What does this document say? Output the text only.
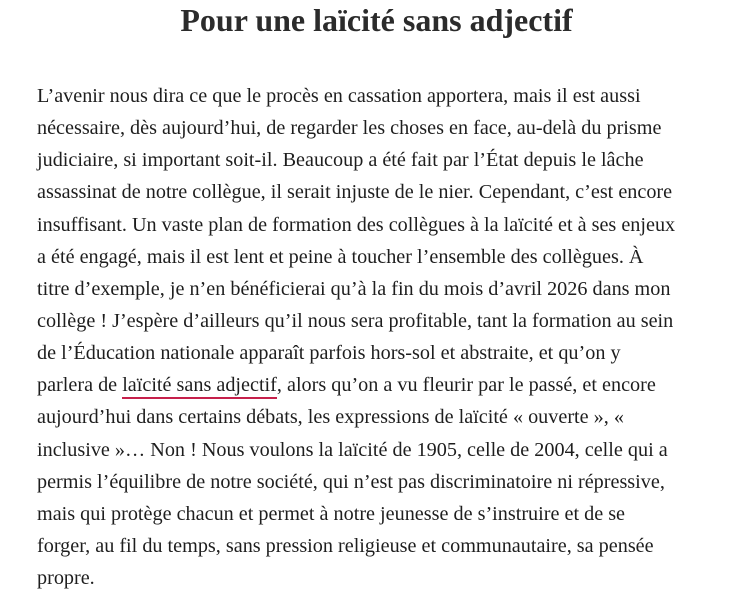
Pour une laïcité sans adjectif

L’avenir nous dira ce que le procès en cassation apportera, mais il est aussi
nécessaire, dès aujourd’hui, de regarder les choses en face, au-delà du prisme
judiciaire, si important soit-il. Beaucoup a été fait par l’État depuis le lâche
assassinat de notre collègue, il serait injuste de le nier. Cependant, c’est encore
insuffisant. Un vaste plan de formation des collègues à la laïcité et à ses enjeux
a été engagé, mais il est lent et peine à toucher l’ensemble des collègues. À
titre d’exemple, je n’en bénéficierai qu’à la fin du mois d’avril 2026 dans mon
collège ! J’espère d’ailleurs qu’il nous sera profitable, tant la formation au sein
de l’Éducation nationale apparaît parfois hors-sol et abstraite, et qu’on y
parlera de laïcité sans adjectif, alors qu’on a vu fleurir par le passé, et encore
aujourd’hui dans certains débats, les expressions de laïcité « ouverte », «
inclusive »… Non ! Nous voulons la laïcité de 1905, celle de 2004, celle qui a
permis l’équilibre de notre société, qui n’est pas discriminatoire ni répressive,
mais qui protège chacun et permet à notre jeunesse de s’instruire et de se
forger, au fil du temps, sans pression religieuse et communautaire, sa pensée
propre.
